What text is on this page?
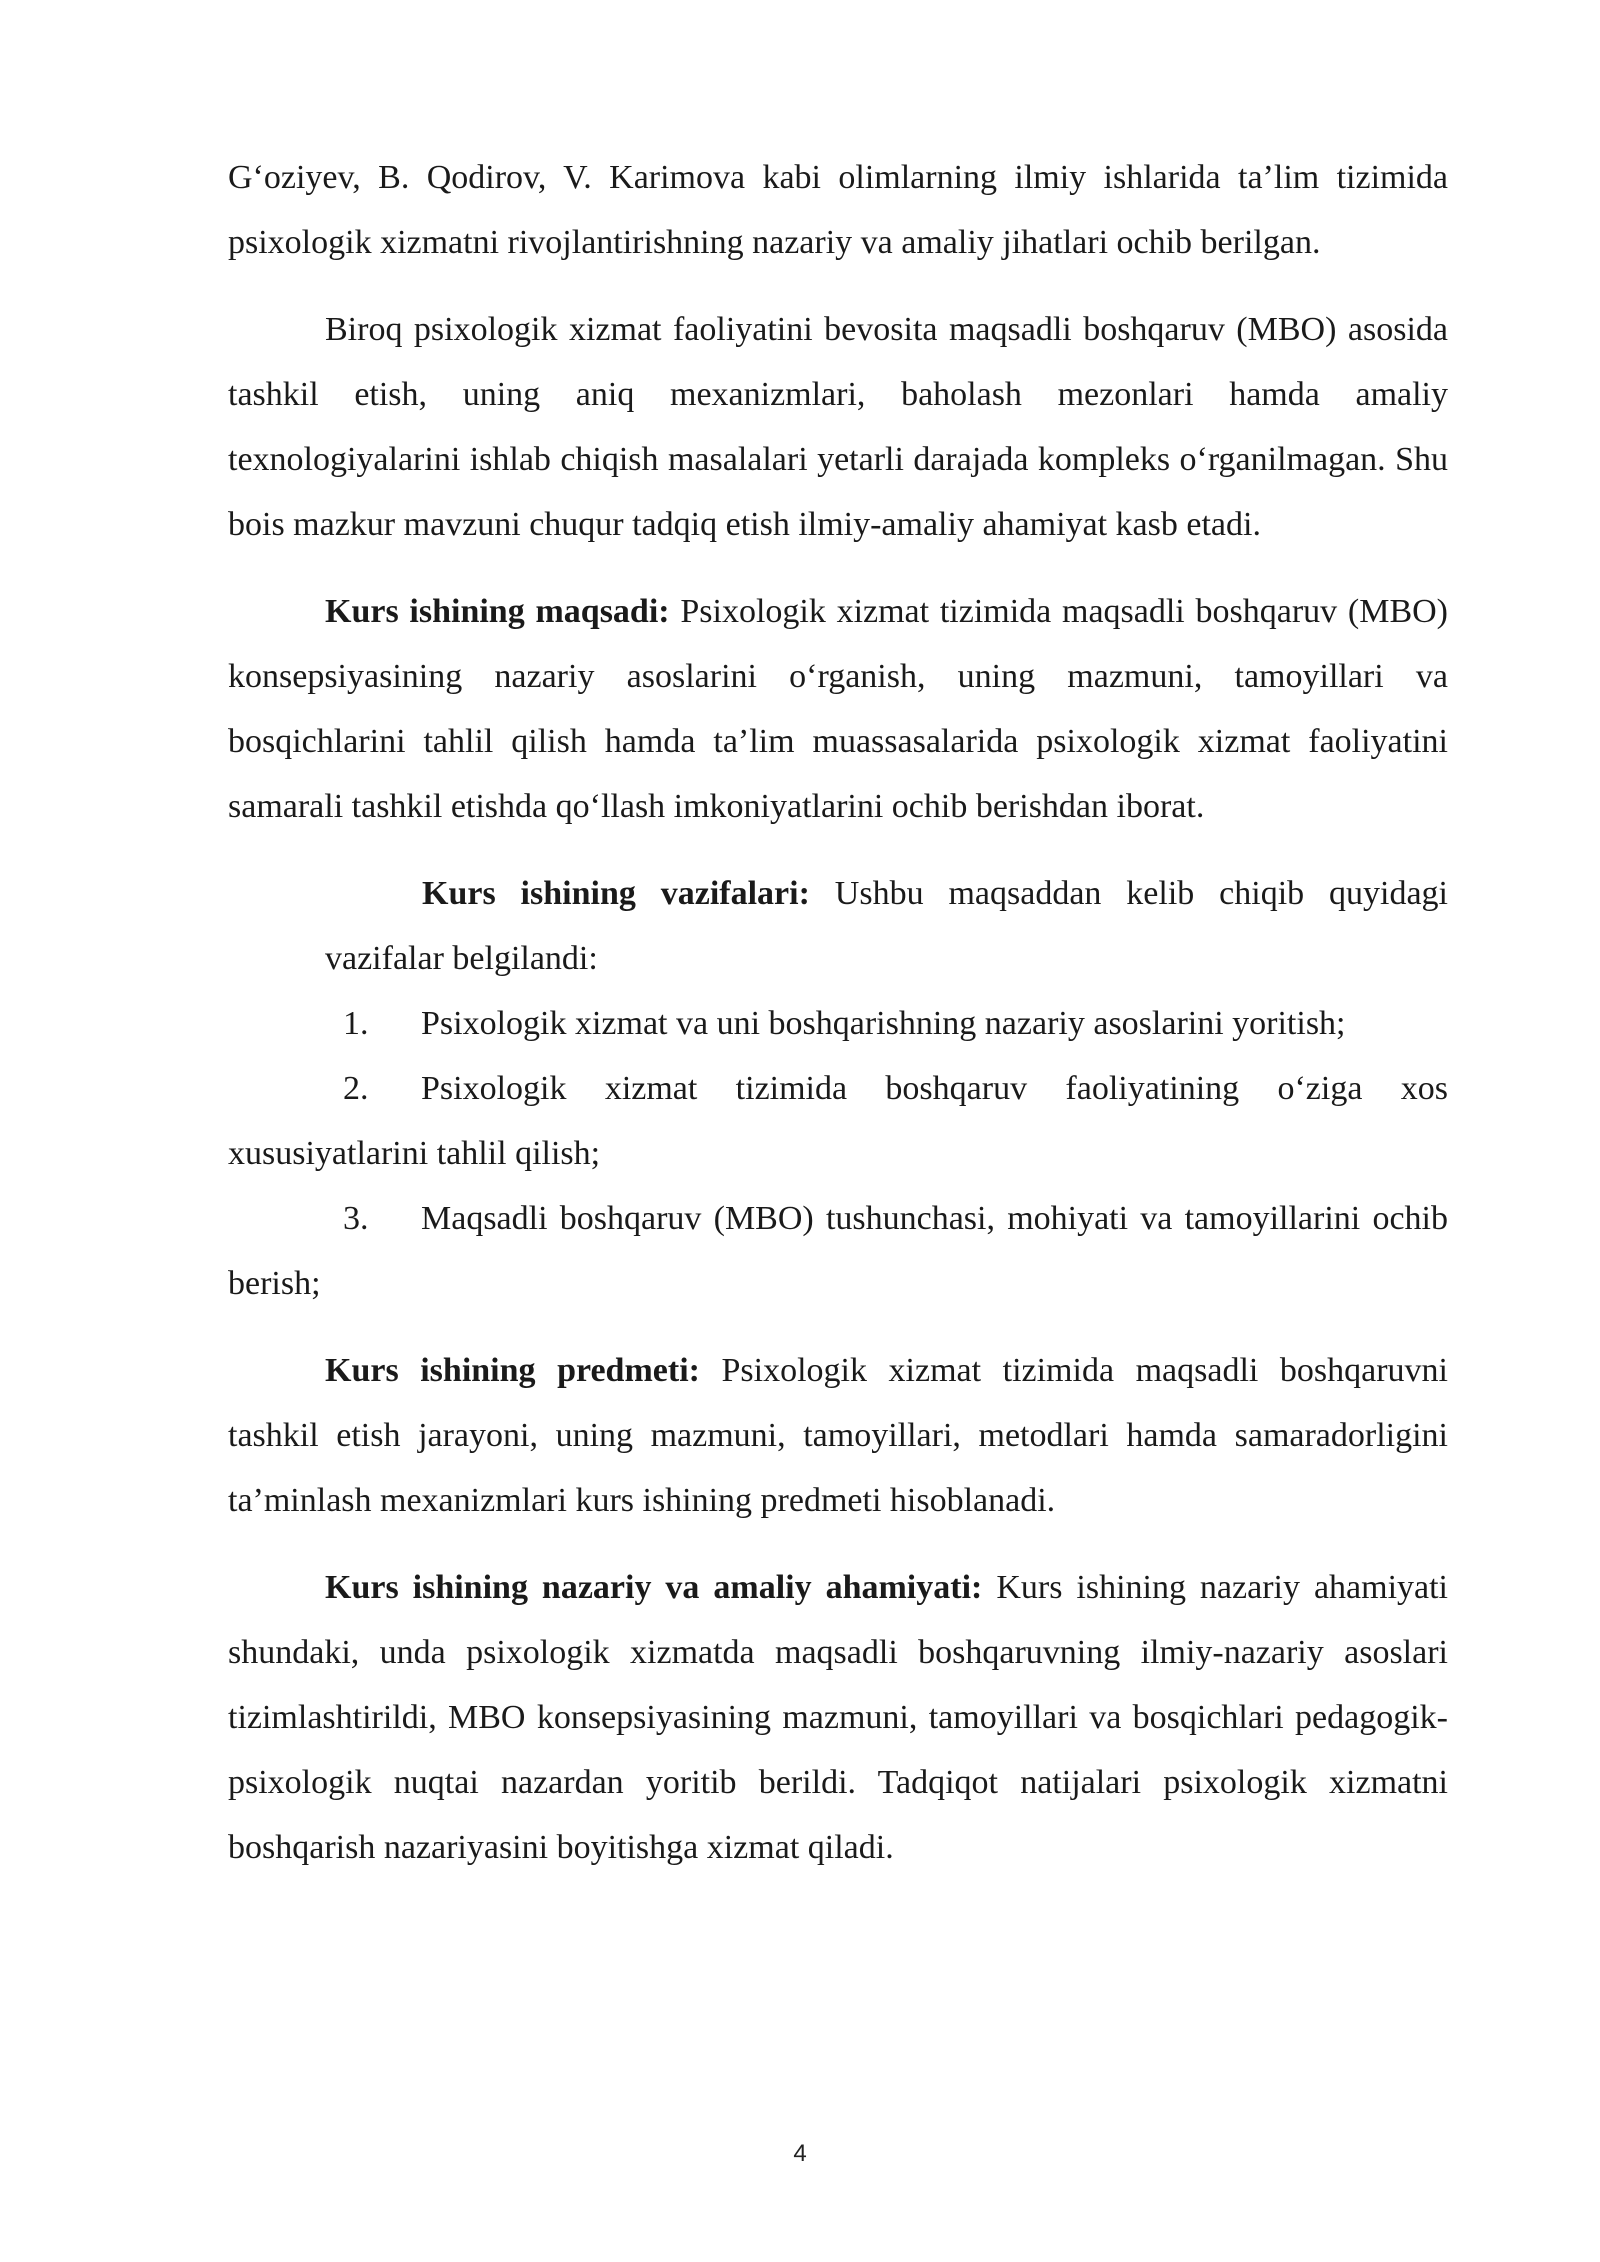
G‘oziyev, B. Qodirov, V. Karimova kabi olimlarning ilmiy ishlarida ta’lim tizimida psixologik xizmatni rivojlantirishning nazariy va amaliy jihatlari ochib berilgan.

Biroq psixologik xizmat faoliyatini bevosita maqsadli boshqaruv (MBO) asosida tashkil etish, uning aniq mexanizmlari, baholash mezonlari hamda amaliy texnologiyalarini ishlab chiqish masalalari yetarli darajada kompleks o‘rganilmagan. Shu bois mazkur mavzuni chuqur tadqiq etish ilmiy-amaliy ahamiyat kasb etadi.

Kurs ishining maqsadi: Psixologik xizmat tizimida maqsadli boshqaruv (MBO) konsepsiyasining nazariy asoslarini o‘rganish, uning mazmuni, tamoyillari va bosqichlarini tahlil qilish hamda ta’lim muassasalarida psixologik xizmat faoliyatini samarali tashkil etishda qo‘llash imkoniyatlarini ochib berishdan iborat.

Kurs ishining vazifalari: Ushbu maqsaddan kelib chiqib quyidagi vazifalar belgilandi:

1. Psixologik xizmat va uni boshqarishning nazariy asoslarini yoritish;

2. Psixologik xizmat tizimida boshqaruv faoliyatining o‘ziga xos xususiyatlarini tahlil qilish;

3. Maqsadli boshqaruv (MBO) tushunchasi, mohiyati va tamoyillarini ochib berish;

Kurs ishining predmeti: Psixologik xizmat tizimida maqsadli boshqaruvni tashkil etish jarayoni, uning mazmuni, tamoyillari, metodlari hamda samaradorligini ta’minlash mexanizmlari kurs ishining predmeti hisoblanadi.

Kurs ishining nazariy va amaliy ahamiyati: Kurs ishining nazariy ahamiyati shundaki, unda psixologik xizmatda maqsadli boshqaruvning ilmiy-nazariy asoslari tizimlashtirildi, MBO konsepsiyasining mazmuni, tamoyillari va bosqichlari pedagogik-psixologik nuqtai nazardan yoritib berildi. Tadqiqot natijalari psixologik xizmatni boshqarish nazariyasini boyitishga xizmat qiladi.

4
